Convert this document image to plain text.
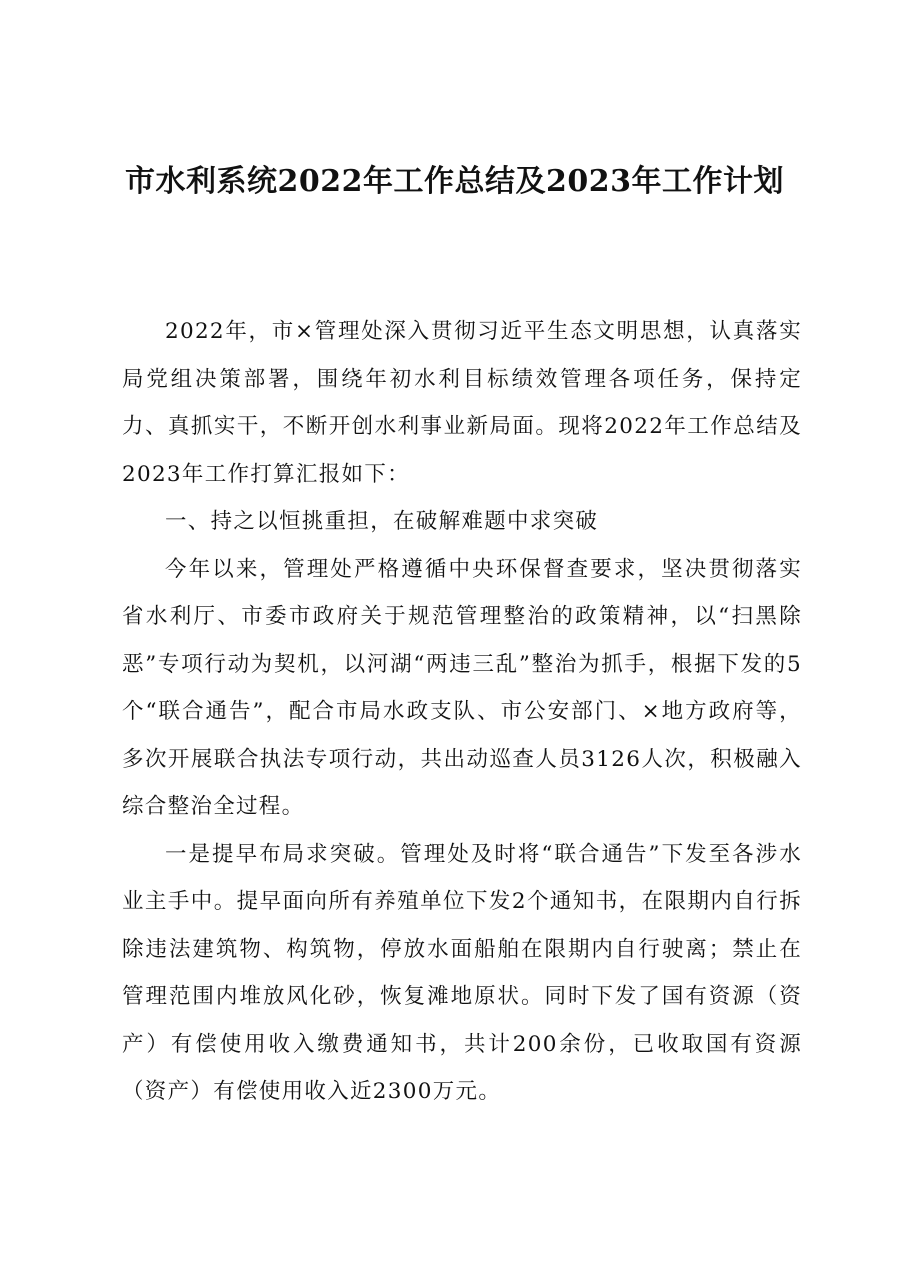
市水利系统2022年工作总结及2023年工作计划

2022年，市×管理处深入贯彻习近平生态文明思想，认真落实局党组决策部署，围绕年初水利目标绩效管理各项任务，保持定力、真抓实干，不断开创水利事业新局面。现将2022年工作总结及2023年工作打算汇报如下：

一、持之以恒挑重担，在破解难题中求突破

今年以来，管理处严格遵循中央环保督查要求，坚决贯彻落实省水利厅、市委市政府关于规范管理整治的政策精神，以“扫黑除恶”专项行动为契机，以河湖“两违三乱”整治为抓手，根据下发的5个“联合通告”，配合市局水政支队、市公安部门、×地方政府等，多次开展联合执法专项行动，共出动巡查人员3126人次，积极融入综合整治全过程。

一是提早布局求突破。管理处及时将“联合通告”下发至各涉水业主手中。提早面向所有养殖单位下发2个通知书，在限期内自行拆除违法建筑物、构筑物，停放水面船舶在限期内自行驶离；禁止在管理范围内堆放风化砂，恢复滩地原状。同时下发了国有资源（资产）有偿使用收入缴费通知书，共计200余份，已收取国有资源（资产）有偿使用收入近2300万元。
